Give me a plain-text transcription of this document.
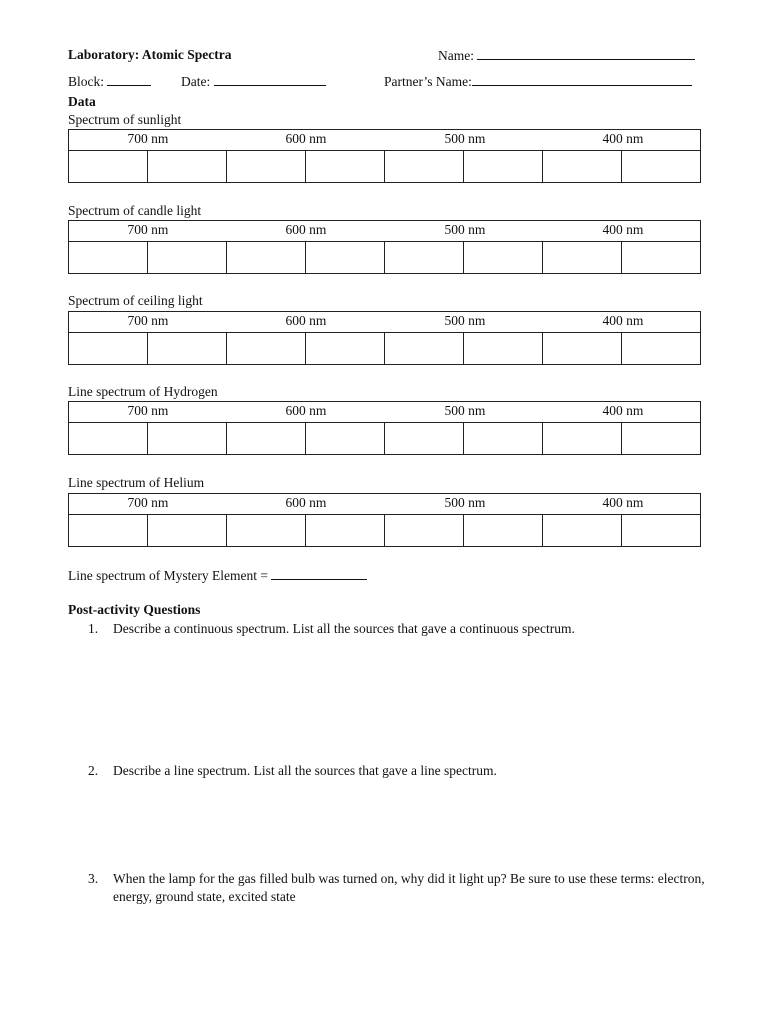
Laboratory: Atomic Spectra	Name:
Block:	Date:	Partner’s Name:
Data
Spectrum of sunlight
700 nm	600 nm	500 nm	400 nm
Spectrum of candle light
700 nm	600 nm	500 nm	400 nm
Spectrum of ceiling light
700 nm	600 nm	500 nm	400 nm
Line spectrum of Hydrogen
700 nm	600 nm	500 nm	400 nm
Line spectrum of Helium
700 nm	600 nm	500 nm	400 nm
Line spectrum of Mystery Element =
Post-activity Questions
1.	Describe a continuous spectrum. List all the sources that gave a continuous spectrum.
2.	Describe a line spectrum. List all the sources that gave a line spectrum.
3.	When the lamp for the gas filled bulb was turned on, why did it light up? Be sure to use these terms: electron, energy, ground state, excited state
